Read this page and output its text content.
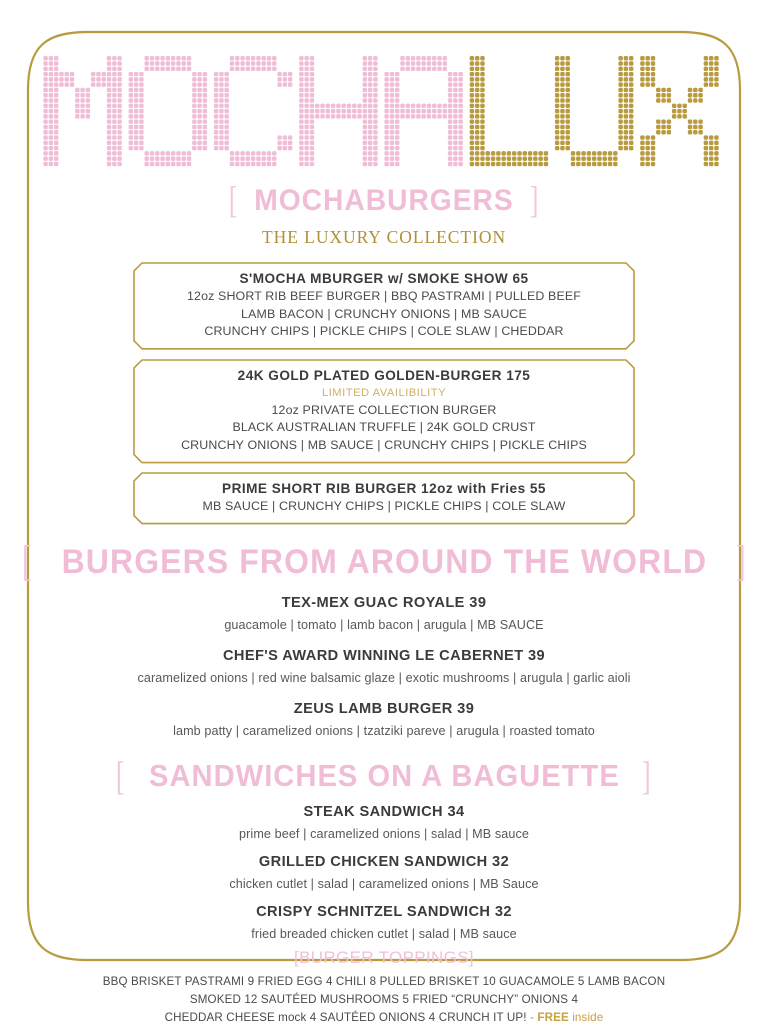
[ MOCHABURGERS ]
THE LUXURY COLLECTION
S'MOCHA MBURGER w/ SMOKE SHOW 65
12oz SHORT RIB BEEF BURGER | BBQ PASTRAMI | PULLED BEEF
LAMB BACON | CRUNCHY ONIONS | MB SAUCE
CRUNCHY CHIPS | PICKLE CHIPS | COLE SLAW | CHEDDAR
24K GOLD PLATED GOLDEN-BURGER 175
LIMITED AVAILIBILITY
12oz PRIVATE COLLECTION BURGER
BLACK AUSTRALIAN TRUFFLE | 24K GOLD CRUST
CRUNCHY ONIONS | MB SAUCE | CRUNCHY CHIPS | PICKLE CHIPS
PRIME SHORT RIB BURGER 12oz with Fries 55
MB SAUCE | CRUNCHY CHIPS | PICKLE CHIPS | COLE SLAW
[ BURGERS FROM AROUND THE WORLD ]
TEX-MEX GUAC ROYALE 39
guacamole | tomato | lamb bacon | arugula | MB SAUCE
CHEF'S AWARD WINNING LE CABERNET 39
caramelized onions | red wine balsamic glaze | exotic mushrooms | arugula | garlic aioli
ZEUS LAMB BURGER 39
lamb patty | caramelized onions | tzatziki pareve | arugula | roasted tomato
[ SANDWICHES ON A BAGUETTE ]
STEAK SANDWICH 34
prime beef | caramelized onions | salad | MB sauce
GRILLED CHICKEN SANDWICH 32
chicken cutlet | salad | caramelized onions | MB Sauce
CRISPY SCHNITZEL SANDWICH 32
fried breaded chicken cutlet | salad | MB sauce
[BURGER TOPPINGS]
BBQ BRISKET PASTRAMI 9 FRIED EGG 4 CHILI 8 PULLED BRISKET 10 GUACAMOLE 5 LAMB BACON
SMOKED 12 SAUTÉED MUSHROOMS 5 FRIED “CRUNCHY” ONIONS 4
CHEDDAR CHEESE mock 4 SAUTÉED ONIONS 4 CRUNCH IT UP! - FREE inside
